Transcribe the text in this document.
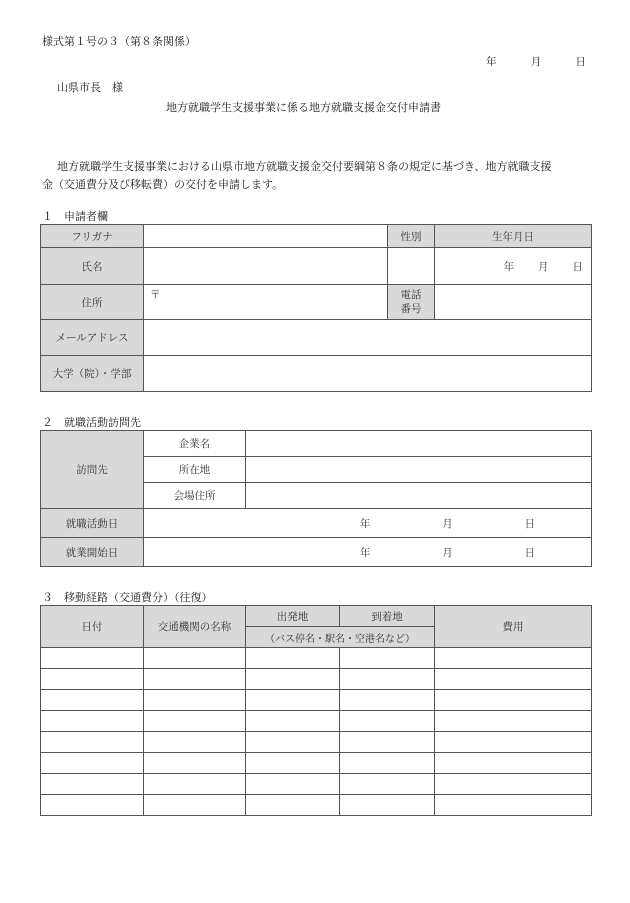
様式第１号の３（第８条関係）
年	月	日
山県市長　様
地方就職学生支援事業に係る地方就職支援金交付申請書
地方就職学生支援事業における山県市地方就職支援金交付要綱第８条の規定に基づき、地方就職支援
金（交通費分及び移転費）の交付を申請します。
１　申請者欄
フリガナ		性別	生年月日
氏名			年 月 日

住所	〒	電話
番号	

メールアドレス			
大学（院）・学部			
２　就職活動訪問先
訪問先	企業名	
	所在地	
	会場住所	
就職活動日	年 月 日	

就業開始日	年 月 日	
３　移動経路（交通費分）（往復）
日付	交通機関の名称	出発地	到着地	費用
		（バス停名・駅名・空港名など）		
